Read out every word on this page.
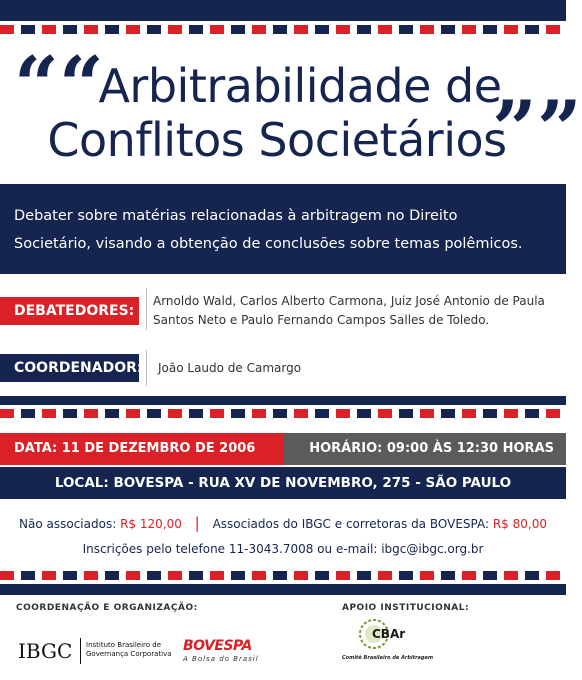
““
Arbitrabilidade de
Conflitos Societários
””
Debater sobre matérias relacionadas à arbitragem no Direito
Societário, visando a obtenção de conclusões sobre temas polêmicos.
DEBATEDORES:
Arnoldo Wald, Carlos Alberto Carmona, Juiz José Antonio de Paula
Santos Neto e Paulo Fernando Campos Salles de Toledo.
COORDENADOR: João Laudo de Camargo
DATA: 11 DE DEZEMBRO DE 2006	HORÁRIO: 09:00 ÀS 12:30 HORAS
LOCAL: BOVESPA - RUA XV DE NOVEMBRO, 275 - SÃO PAULO
Não associados: R$ 120,00 | Associados do IBGC e corretoras da BOVESPA: R$ 80,00
Inscrições pelo telefone 11-3043.7008 ou e-mail: ibgc@ibgc.org.br
COORDENAÇÃO E ORGANIZAÇÃO:	APOIO INSTITUCIONAL:
IBGC Instituto Brasileiro de
Governança Corporativa BOVESPA
A Bolsa do Brasil
CBAr
Comitê Brasileiro de Arbitragem
